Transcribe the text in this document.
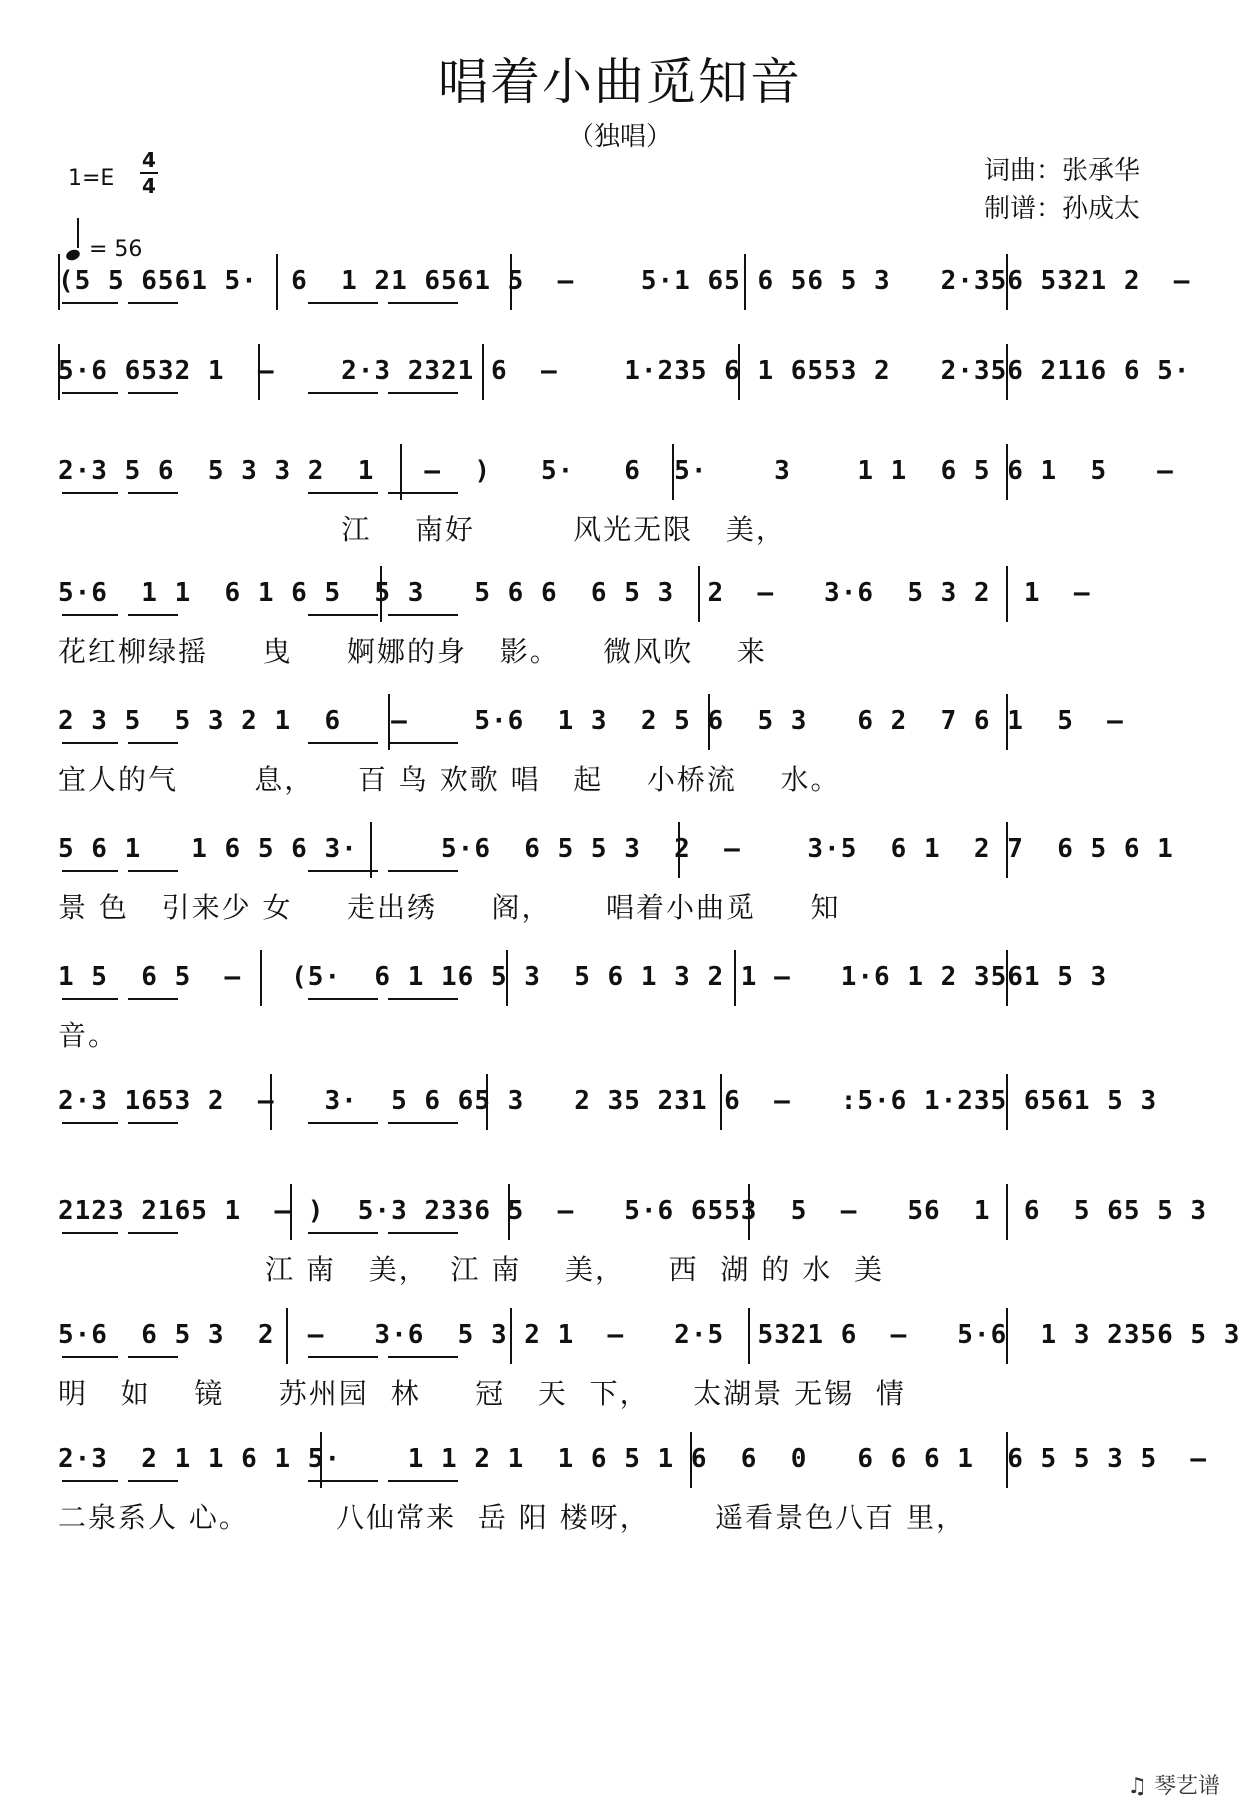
唱着小曲觅知音
（独唱）
1=E
4
4
= 56
词曲：张承华
制谱：孙成太
(5 5 6561 5·  6  1 21 6561 5  –    5·1 65 6 56 5 3   2·356 5321 2  –
5·6 6532 1  –    2·3 2321 6  –    1·235 6 1 6553 2   2·356 2116 6 5·
2·3 5 6  5 3 3 2  1   –  )   5·   6  5·    3    1 1  6 5 6 1  5   –
江    南好         风光无限   美，
5·6  1 1  6 1 6 5  5 3   5 6 6  6 5 3  2  –   3·6  5 3 2  1  –
花红柳绿摇     曳     婀娜的身   影。    微风吹    来
2 3 5  5 3 2 1  6   –    5·6  1 3  2 5 6  5 3   6 2  7 6 1  5  –
宜人的气       息，    百 鸟 欢歌 唱   起    小桥流    水。
5 6 1   1 6 5 6 3·     5·6  6 5 5 3  2  –    3·5  6 1  2 7  6 5 6 1
景 色   引来少 女     走出绣     阁，     唱着小曲觅     知
1 5  6 5  –   (5·  6 1 16 5 3  5 6 1 3 2 1 –   1·6 1 2 3561 5 3
音。
2·3 1653 2  –   3·  5 6 65 3   2 35 231 6  –   :5·6 1·235 6561 5 3
2123 2165 1  – )  5·3 2336 5  –   5·6 6553  5  –   56  1  6  5 65 5 3
江 南   美，  江 南    美，    西  湖 的 水  美
5·6  6 5 3  2  –   3·6  5 3 2 1  –   2·5  5321 6  –   5·6  1 3 2356 5 3
明   如    镜     苏州园  林     冠   天  下，    太湖景 无锡  情
2·3  2 1 1 6 1 5·    1 1 2 1  1 6 5 1 6  6  0   6 6 6 1  6 5 5 3 5  –
二泉系人 心。        八仙常来  岳 阳 楼呀，      遥看景色八百 里，
♫ 琴艺谱
